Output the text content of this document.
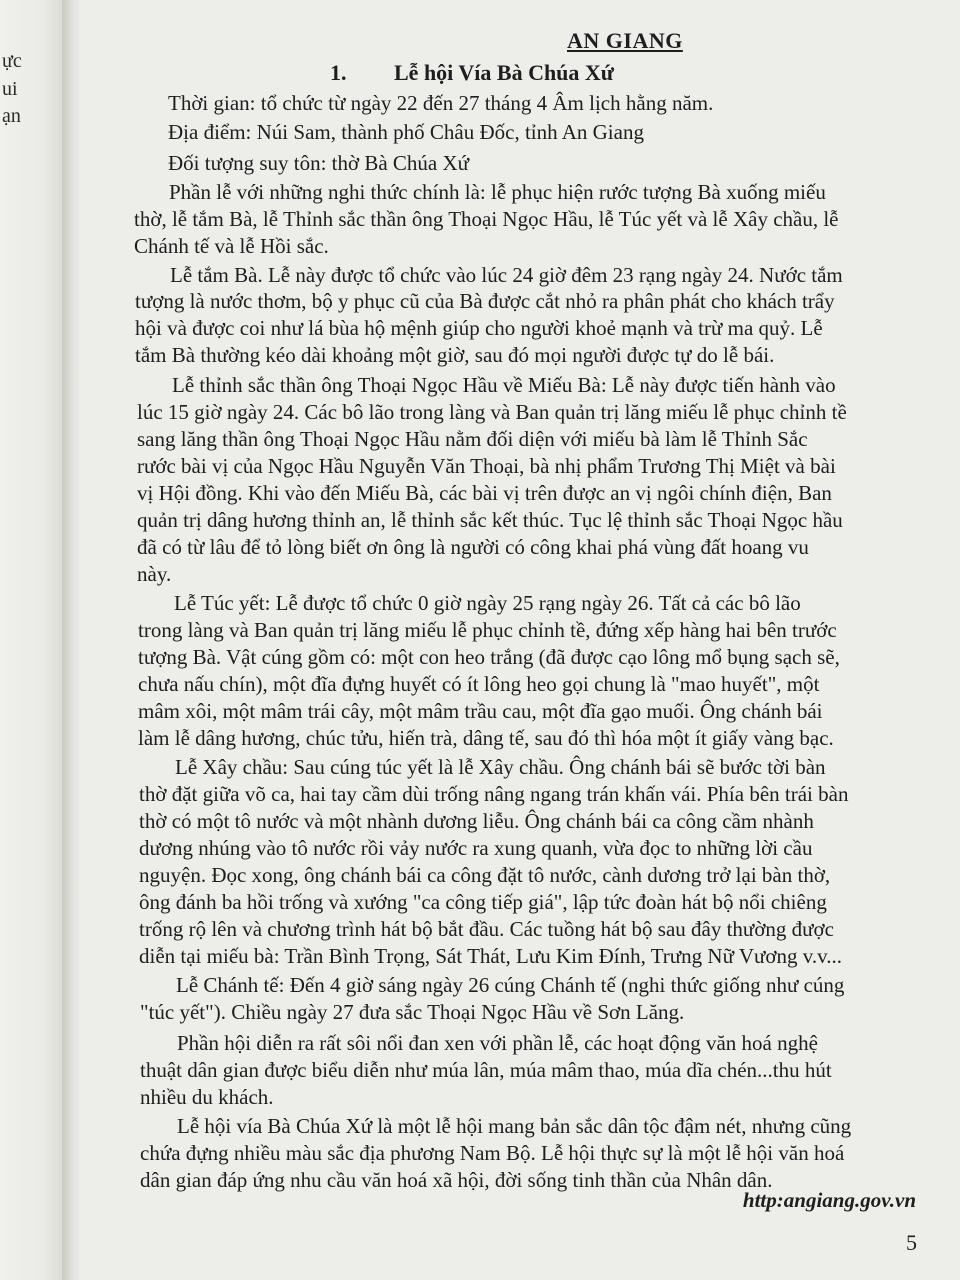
ực
ui
ạn
AN GIANG
1. Lễ hội Vía Bà Chúa Xứ
Thời gian: tổ chức từ ngày 22 đến 27 tháng 4 Âm lịch hằng năm.
Địa điểm: Núi Sam, thành phố Châu Đốc, tỉnh An Giang
Đối tượng suy tôn: thờ Bà Chúa Xứ
Phần lễ với những nghi thức chính là: lễ phục hiện rước tượng Bà xuống miếu
thờ, lễ tắm Bà, lễ Thỉnh sắc thần ông Thoại Ngọc Hầu, lễ Túc yết và lễ Xây chầu, lễ
Chánh tế và lễ Hồi sắc.
Lễ tắm Bà. Lễ này được tổ chức vào lúc 24 giờ đêm 23 rạng ngày 24. Nước tắm
tượng là nước thơm, bộ y phục cũ của Bà được cắt nhỏ ra phân phát cho khách trẩy
hội và được coi như lá bùa hộ mệnh giúp cho người khoẻ mạnh và trừ ma quỷ. Lễ
tắm Bà thường kéo dài khoảng một giờ, sau đó mọi người được tự do lễ bái.
Lễ thỉnh sắc thần ông Thoại Ngọc Hầu về Miếu Bà: Lễ này được tiến hành vào
lúc 15 giờ ngày 24. Các bô lão trong làng và Ban quản trị lăng miếu lễ phục chỉnh tề
sang lăng thần ông Thoại Ngọc Hầu nằm đối diện với miếu bà làm lễ Thỉnh Sắc
rước bài vị của Ngọc Hầu Nguyễn Văn Thoại, bà nhị phẩm Trương Thị Miệt và bài
vị Hội đồng. Khi vào đến Miếu Bà, các bài vị trên được an vị ngôi chính điện, Ban
quản trị dâng hương thỉnh an, lễ thỉnh sắc kết thúc. Tục lệ thỉnh sắc Thoại Ngọc hầu
đã có từ lâu để tỏ lòng biết ơn ông là người có công khai phá vùng đất hoang vu
này.
Lễ Túc yết: Lễ được tổ chức 0 giờ ngày 25 rạng ngày 26. Tất cả các bô lão
trong làng và Ban quản trị lăng miếu lễ phục chỉnh tề, đứng xếp hàng hai bên trước
tượng Bà. Vật cúng gồm có: một con heo trắng (đã được cạo lông mổ bụng sạch sẽ,
chưa nấu chín), một đĩa đựng huyết có ít lông heo gọi chung là "mao huyết", một
mâm xôi, một mâm trái cây, một mâm trầu cau, một đĩa gạo muối. Ông chánh bái
làm lễ dâng hương, chúc tửu, hiến trà, dâng tế, sau đó thì hóa một ít giấy vàng bạc.
Lễ Xây chầu: Sau cúng túc yết là lễ Xây chầu. Ông chánh bái sẽ bước tời bàn
thờ đặt giữa võ ca, hai tay cầm dùi trống nâng ngang trán khấn vái. Phía bên trái bàn
thờ có một tô nước và một nhành dương liễu. Ông chánh bái ca công cầm nhành
dương nhúng vào tô nước rồi vảy nước ra xung quanh, vừa đọc to những lời cầu
nguyện. Đọc xong, ông chánh bái ca công đặt tô nước, cành dương trở lại bàn thờ,
ông đánh ba hồi trống và xướng "ca công tiếp giá", lập tức đoàn hát bộ nổi chiêng
trống rộ lên và chương trình hát bộ bắt đầu. Các tuồng hát bộ sau đây thường được
diễn tại miếu bà: Trần Bình Trọng, Sát Thát, Lưu Kim Đính, Trưng Nữ Vương v.v...
Lễ Chánh tế: Đến 4 giờ sáng ngày 26 cúng Chánh tế (nghi thức giống như cúng
"túc yết"). Chiều ngày 27 đưa sắc Thoại Ngọc Hầu về Sơn Lăng.
Phần hội diễn ra rất sôi nổi đan xen với phần lễ, các hoạt động văn hoá nghệ
thuật dân gian được biểu diễn như múa lân, múa mâm thao, múa dĩa chén...thu hút
nhiều du khách.
Lễ hội vía Bà Chúa Xứ là một lễ hội mang bản sắc dân tộc đậm nét, nhưng cũng
chứa đựng nhiều màu sắc địa phương Nam Bộ. Lễ hội thực sự là một lễ hội văn hoá
dân gian đáp ứng nhu cầu văn hoá xã hội, đời sống tinh thần của Nhân dân.
http:angiang.gov.vn
5
